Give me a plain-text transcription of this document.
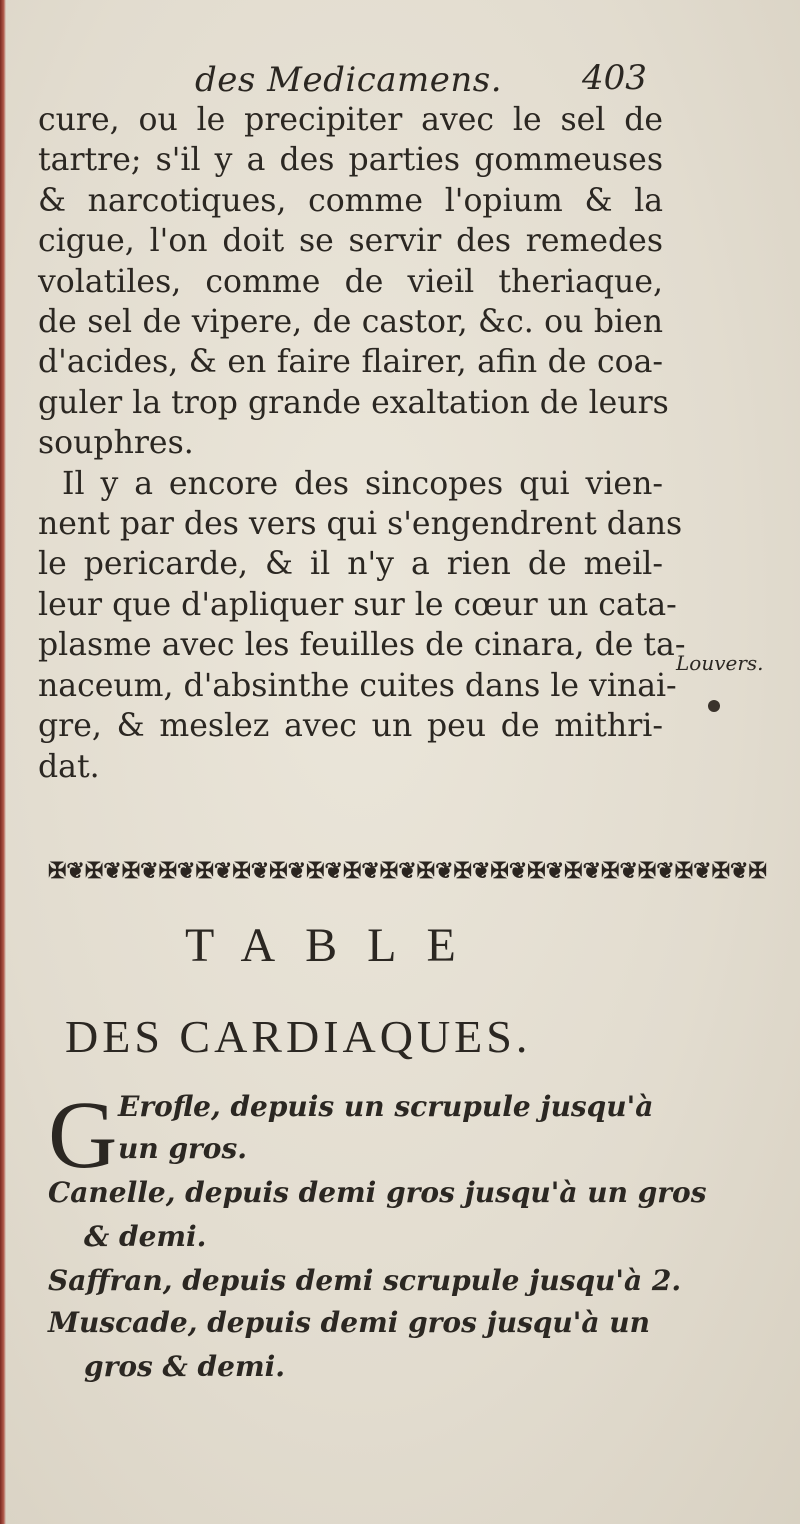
des Medicamens. 403
cure, ou le precipiter avec le sel de
tartre; s'il y a des parties gommeuses
& narcotiques, comme l'opium & la
cigue, l'on doit se servir des remedes
volatiles, comme de vieil theriaque,
de sel de vipere, de castor, &c. ou bien
d'acides, & en faire flairer, afin de coa-
guler la trop grande exaltation de leurs
souphres.
Il y a encore des sincopes qui vien-
nent par des vers qui s'engendrent dans
le pericarde, & il n'y a rien de meil-
leur que d'apliquer sur le cœur un cata-
plasme avec les feuilles de cinara, de ta-
naceum, d'absinthe cuites dans le vinai-
gre, & meslez avec un peu de mithri-
dat.
Louvers.
✠❦✠❦✠❦✠❦✠❦✠❦✠❦✠❦✠❦✠❦✠❦✠❦✠❦✠❦✠❦✠❦✠❦✠❦✠❦✠
TABLE
DES CARDIAQUES.
G Erofle, depuis un scrupule jusqu'à
un gros.
Canelle, depuis demi gros jusqu'à un gros
& demi.
Saffran, depuis demi scrupule jusqu'à 2.
Muscade, depuis demi gros jusqu'à un
gros & demi.
